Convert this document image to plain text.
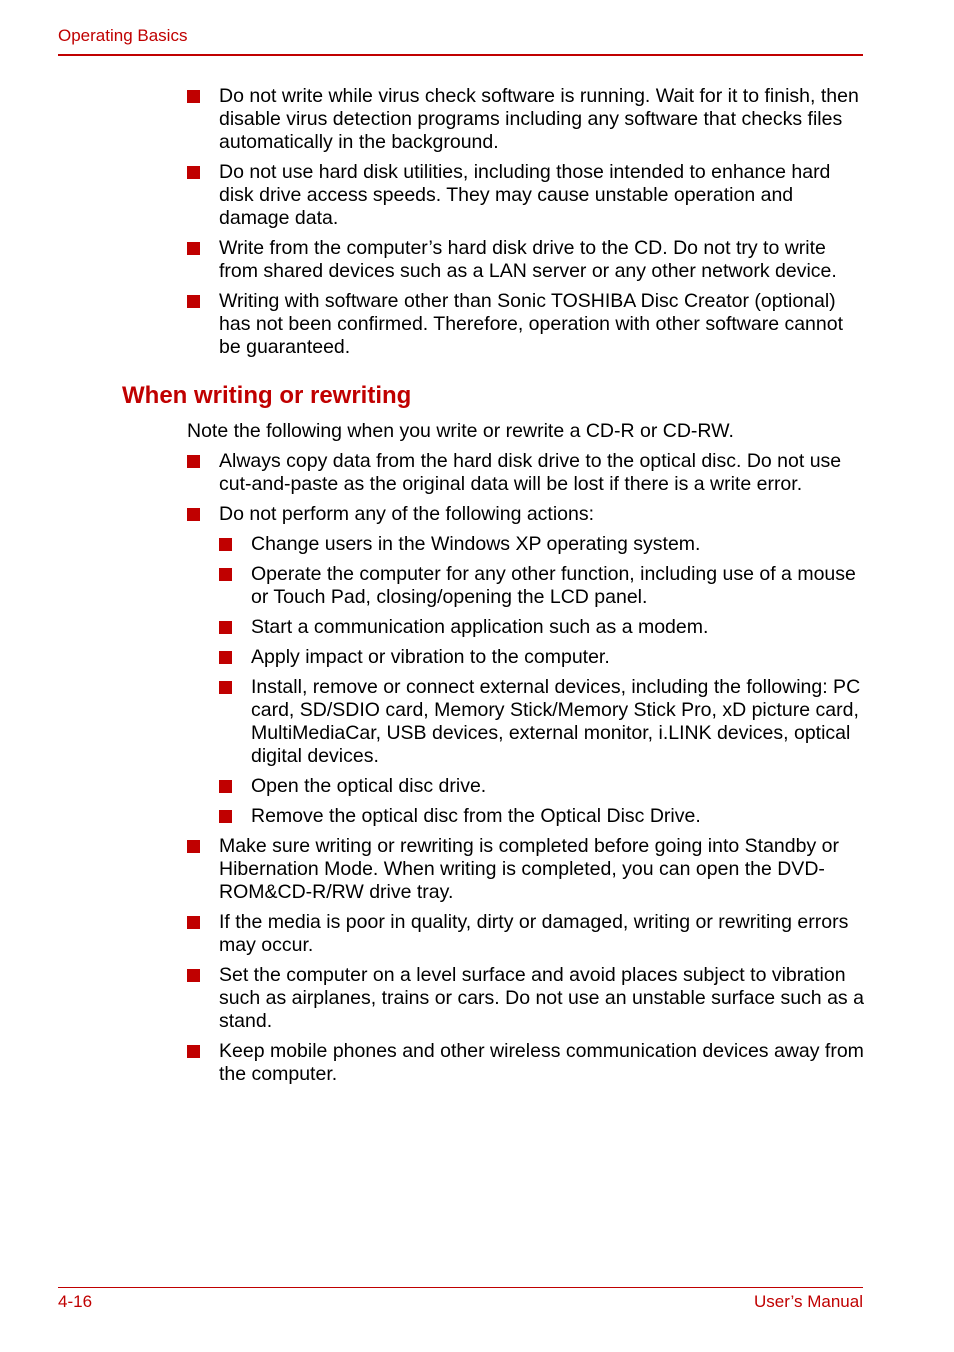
Operating Basics
Do not write while virus check software is running. Wait for it to finish, then disable virus detection programs including any software that checks files automatically in the background.
Do not use hard disk utilities, including those intended to enhance hard disk drive access speeds. They may cause unstable operation and damage data.
Write from the computer’s hard disk drive to the CD. Do not try to write from shared devices such as a LAN server or any other network device.
Writing with software other than Sonic TOSHIBA Disc Creator (optional) has not been confirmed. Therefore, operation with other software cannot be guaranteed.
When writing or rewriting
Note the following when you write or rewrite a CD-R or CD-RW.
Always copy data from the hard disk drive to the optical disc. Do not use cut-and-paste as the original data will be lost if there is a write error.
Do not perform any of the following actions:
Change users in the Windows XP operating system.
Operate the computer for any other function, including use of a mouse or Touch Pad, closing/opening the LCD panel.
Start a communication application such as a modem.
Apply impact or vibration to the computer.
Install, remove or connect external devices, including the following: PC card, SD/SDIO card, Memory Stick/Memory Stick Pro, xD picture card, MultiMediaCar, USB devices, external monitor, i.LINK devices, optical digital devices.
Open the optical disc drive.
Remove the optical disc from the Optical Disc Drive.
Make sure writing or rewriting is completed before going into Standby or Hibernation Mode. When writing is completed, you can open the DVD-ROM&CD-R/RW drive tray.
If the media is poor in quality, dirty or damaged, writing or rewriting errors may occur.
Set the computer on a level surface and avoid places subject to vibration such as airplanes, trains or cars. Do not use an unstable surface such as a stand.
Keep mobile phones and other wireless communication devices away from the computer.
4-16	User’s Manual
